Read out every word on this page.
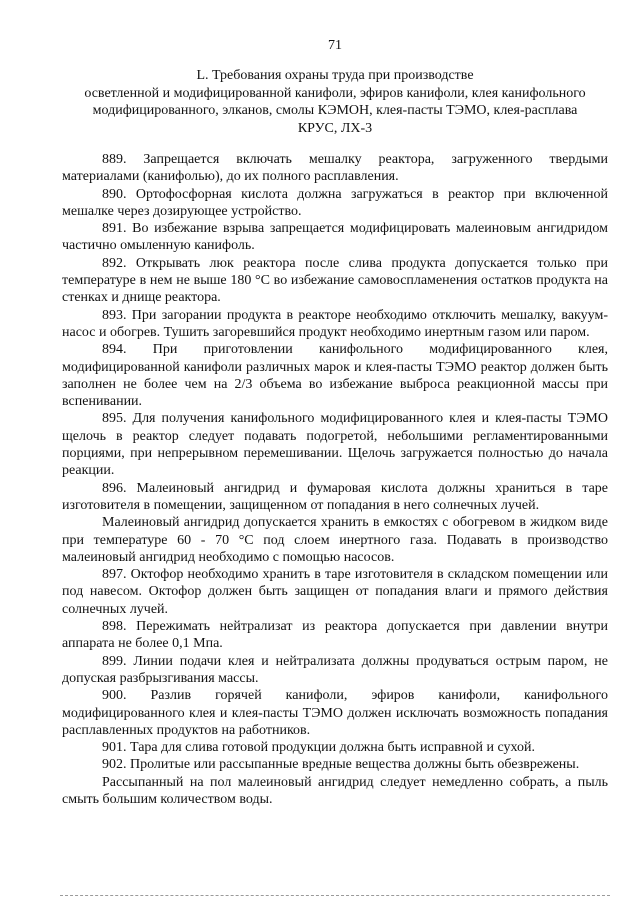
71
L. Требования охраны труда при производстве
осветленной и модифицированной канифоли, эфиров канифоли, клея канифольного
модифицированного, элканов, смолы КЭМОН, клея-пасты ТЭМО, клея-расплава
КРУС, ЛХ-3

889. Запрещается включать мешалку реактора, загруженного твердыми материалами (канифолью), до их полного расплавления.

890. Ортофосфорная кислота должна загружаться в реактор при включенной мешалке через дозирующее устройство.

891. Во избежание взрыва запрещается модифицировать малеиновым ангидридом частично омыленную канифоль.

892. Открывать люк реактора после слива продукта допускается только при температуре в нем не выше 180 °С во избежание самовоспламенения остатков продукта на стенках и днище реактора.

893. При загорании продукта в реакторе необходимо отключить мешалку, вакуум-насос и обогрев. Тушить загоревшийся продукт необходимо инертным газом или паром.

894. При приготовлении канифольного модифицированного клея, модифицированной канифоли различных марок и клея-пасты ТЭМО реактор должен быть заполнен не более чем на 2/3 объема во избежание выброса реакционной массы при вспенивании.

895. Для получения канифольного модифицированного клея и клея-пасты ТЭМО щелочь в реактор следует подавать подогретой, небольшими регламентированными порциями, при непрерывном перемешивании. Щелочь загружается полностью до начала реакции.

896. Малеиновый ангидрид и фумаровая кислота должны храниться в таре изготовителя в помещении, защищенном от попадания в него солнечных лучей.

Малеиновый ангидрид допускается хранить в емкостях с обогревом в жидком виде при температуре 60 - 70 °С под слоем инертного газа. Подавать в производство малеиновый ангидрид необходимо с помощью насосов.

897. Октофор необходимо хранить в таре изготовителя в складском помещении или под навесом. Октофор должен быть защищен от попадания влаги и прямого действия солнечных лучей.

898. Пережимать нейтрализат из реактора допускается при давлении внутри аппарата не более 0,1 Мпа.

899. Линии подачи клея и нейтрализата должны продуваться острым паром, не допуская разбрызгивания массы.

900. Разлив горячей канифоли, эфиров канифоли, канифольного модифицированного клея и клея-пасты ТЭМО должен исключать возможность попадания расплавленных продуктов на работников.

901. Тара для слива готовой продукции должна быть исправной и сухой.

902. Пролитые или рассыпанные вредные вещества должны быть обезврежены.

Рассыпанный на пол малеиновый ангидрид следует немедленно собрать, а пыль смыть большим количеством воды.
